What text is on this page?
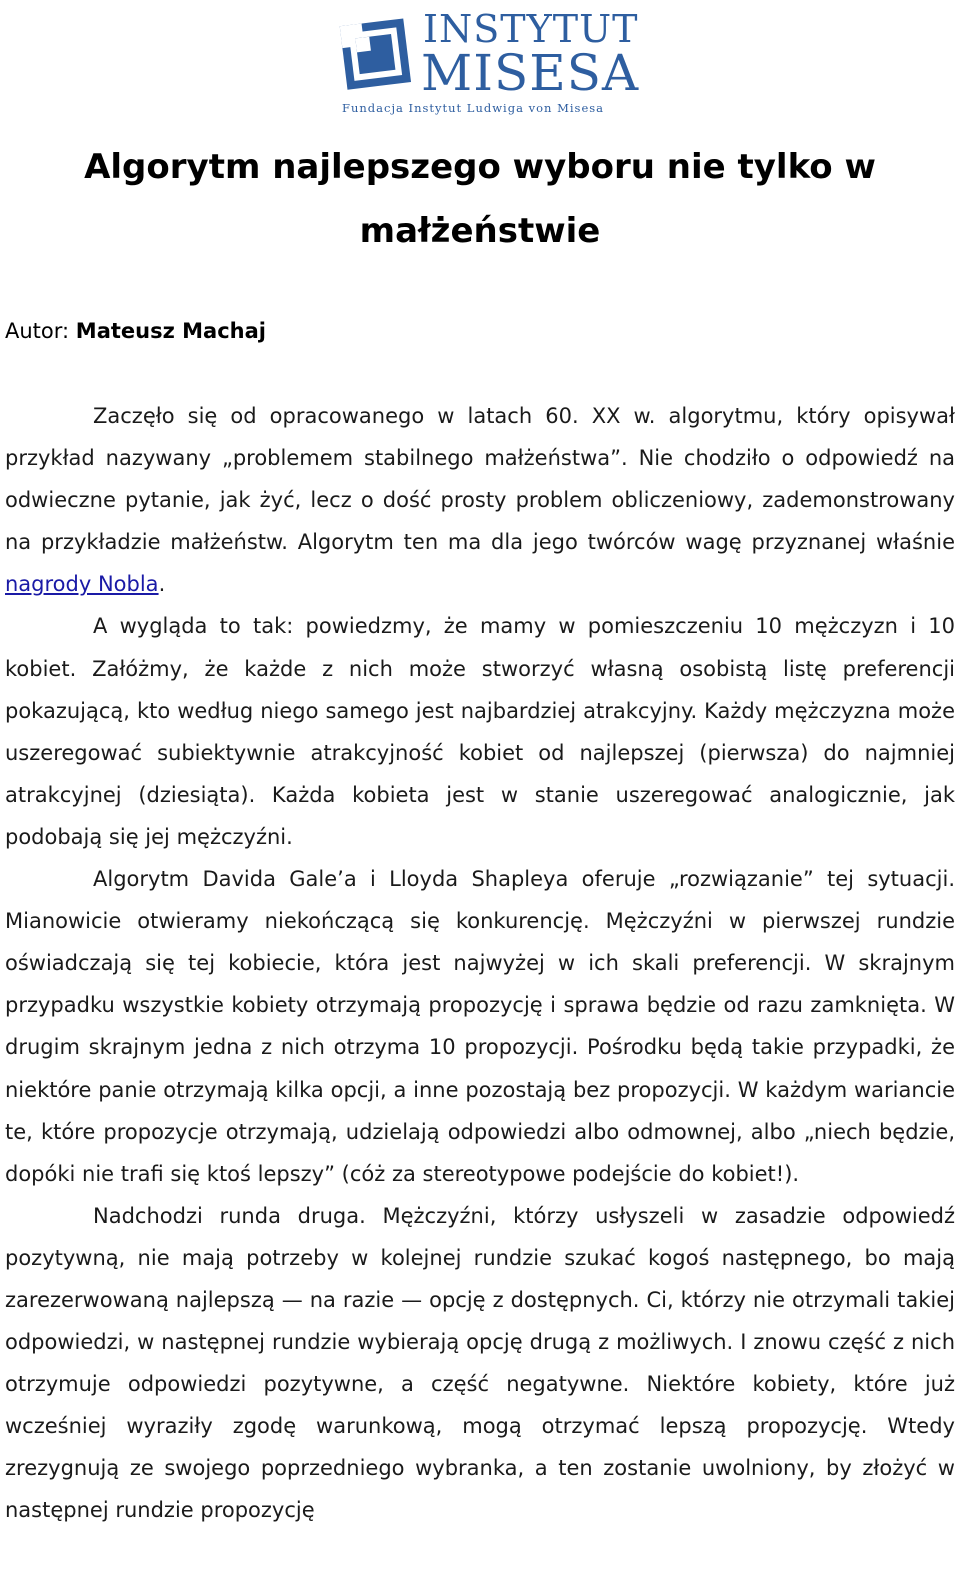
INSTYTUT
MISESA
Fundacja Instytut Ludwiga von Misesa
Algorytm najlepszego wyboru nie tylko w małżeństwie
Autor: Mateusz Machaj

Zaczęło się od opracowanego w latach 60. XX w. algorytmu, który opisywał przykład nazywany „problemem stabilnego małżeństwa”. Nie chodziło o odpowiedź na odwieczne pytanie, jak żyć, lecz o dość prosty problem obliczeniowy, zademonstrowany na przykładzie małżeństw. Algorytm ten ma dla jego twórców wagę przyznanej właśnie nagrody Nobla.

A wygląda to tak: powiedzmy, że mamy w pomieszczeniu 10 mężczyzn i 10 kobiet. Załóżmy, że każde z nich może stworzyć własną osobistą listę preferencji pokazującą, kto według niego samego jest najbardziej atrakcyjny. Każdy mężczyzna może uszeregować subiektywnie atrakcyjność kobiet od najlepszej (pierwsza) do najmniej atrakcyjnej (dziesiąta). Każda kobieta jest w stanie uszeregować analogicznie, jak podobają się jej mężczyźni.

Algorytm Davida Gale’a i Lloyda Shapleya oferuje „rozwiązanie” tej sytuacji. Mianowicie otwieramy niekończącą się konkurencję. Mężczyźni w pierwszej rundzie oświadczają się tej kobiecie, która jest najwyżej w ich skali preferencji. W skrajnym przypadku wszystkie kobiety otrzymają propozycję i sprawa będzie od razu zamknięta. W drugim skrajnym jedna z nich otrzyma 10 propozycji. Pośrodku będą takie przypadki, że niektóre panie otrzymają kilka opcji, a inne pozostają bez propozycji. W każdym wariancie te, które propozycje otrzymają, udzielają odpowiedzi albo odmownej, albo „niech będzie, dopóki nie trafi się ktoś lepszy” (cóż za stereotypowe podejście do kobiet!).

Nadchodzi runda druga. Mężczyźni, którzy usłyszeli w zasadzie odpowiedź pozytywną, nie mają potrzeby w kolejnej rundzie szukać kogoś następnego, bo mają zarezerwowaną najlepszą — na razie — opcję z dostępnych. Ci, którzy nie otrzymali takiej odpowiedzi, w następnej rundzie wybierają opcję drugą z możliwych. I znowu część z nich otrzymuje odpowiedzi pozytywne, a część negatywne. Niektóre kobiety, które już wcześniej wyraziły zgodę warunkową, mogą otrzymać lepszą propozycję. Wtedy zrezygnują ze swojego poprzedniego wybranka, a ten zostanie uwolniony, by złożyć w następnej rundzie propozycję
